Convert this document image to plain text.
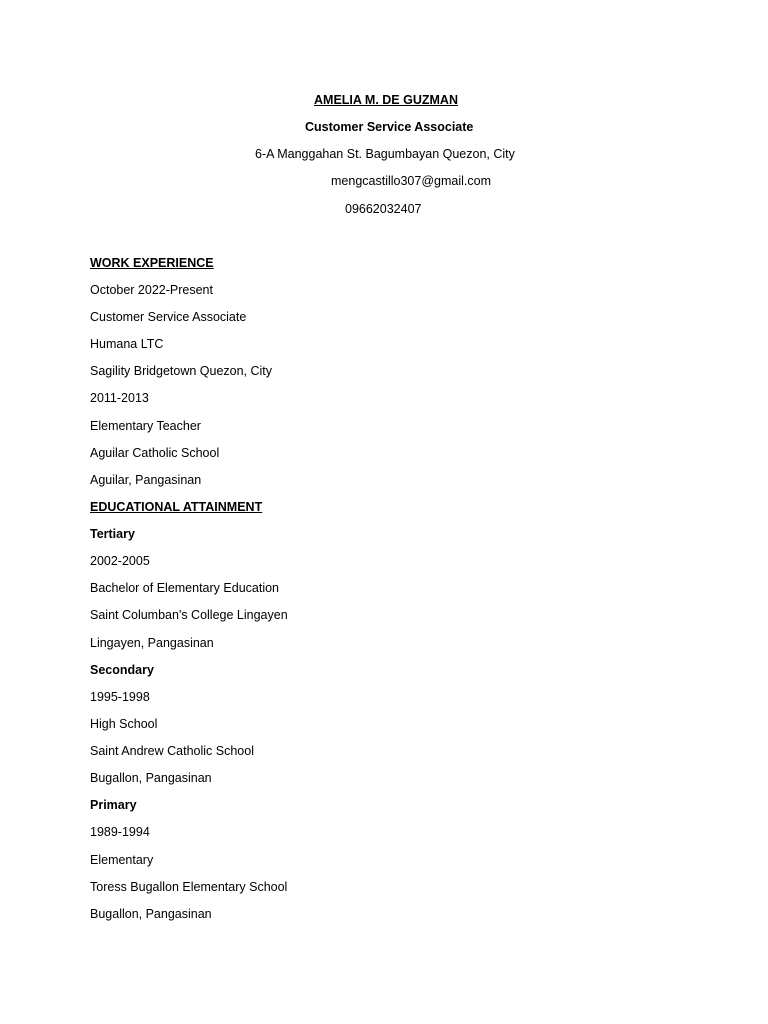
AMELIA M. DE GUZMAN
Customer Service Associate
6-A Manggahan St. Bagumbayan Quezon, City
mengcastillo307@gmail.com
09662032407
WORK EXPERIENCE
October 2022-Present
Customer Service Associate
Humana LTC
Sagility Bridgetown Quezon, City
2011-2013
Elementary Teacher
Aguilar Catholic School
Aguilar, Pangasinan
EDUCATIONAL ATTAINMENT
Tertiary
2002-2005
Bachelor of Elementary Education
Saint Columban's College Lingayen
Lingayen, Pangasinan
Secondary
1995-1998
High School
Saint Andrew Catholic School
Bugallon, Pangasinan
Primary
1989-1994
Elementary
Toress Bugallon Elementary School
Bugallon, Pangasinan
